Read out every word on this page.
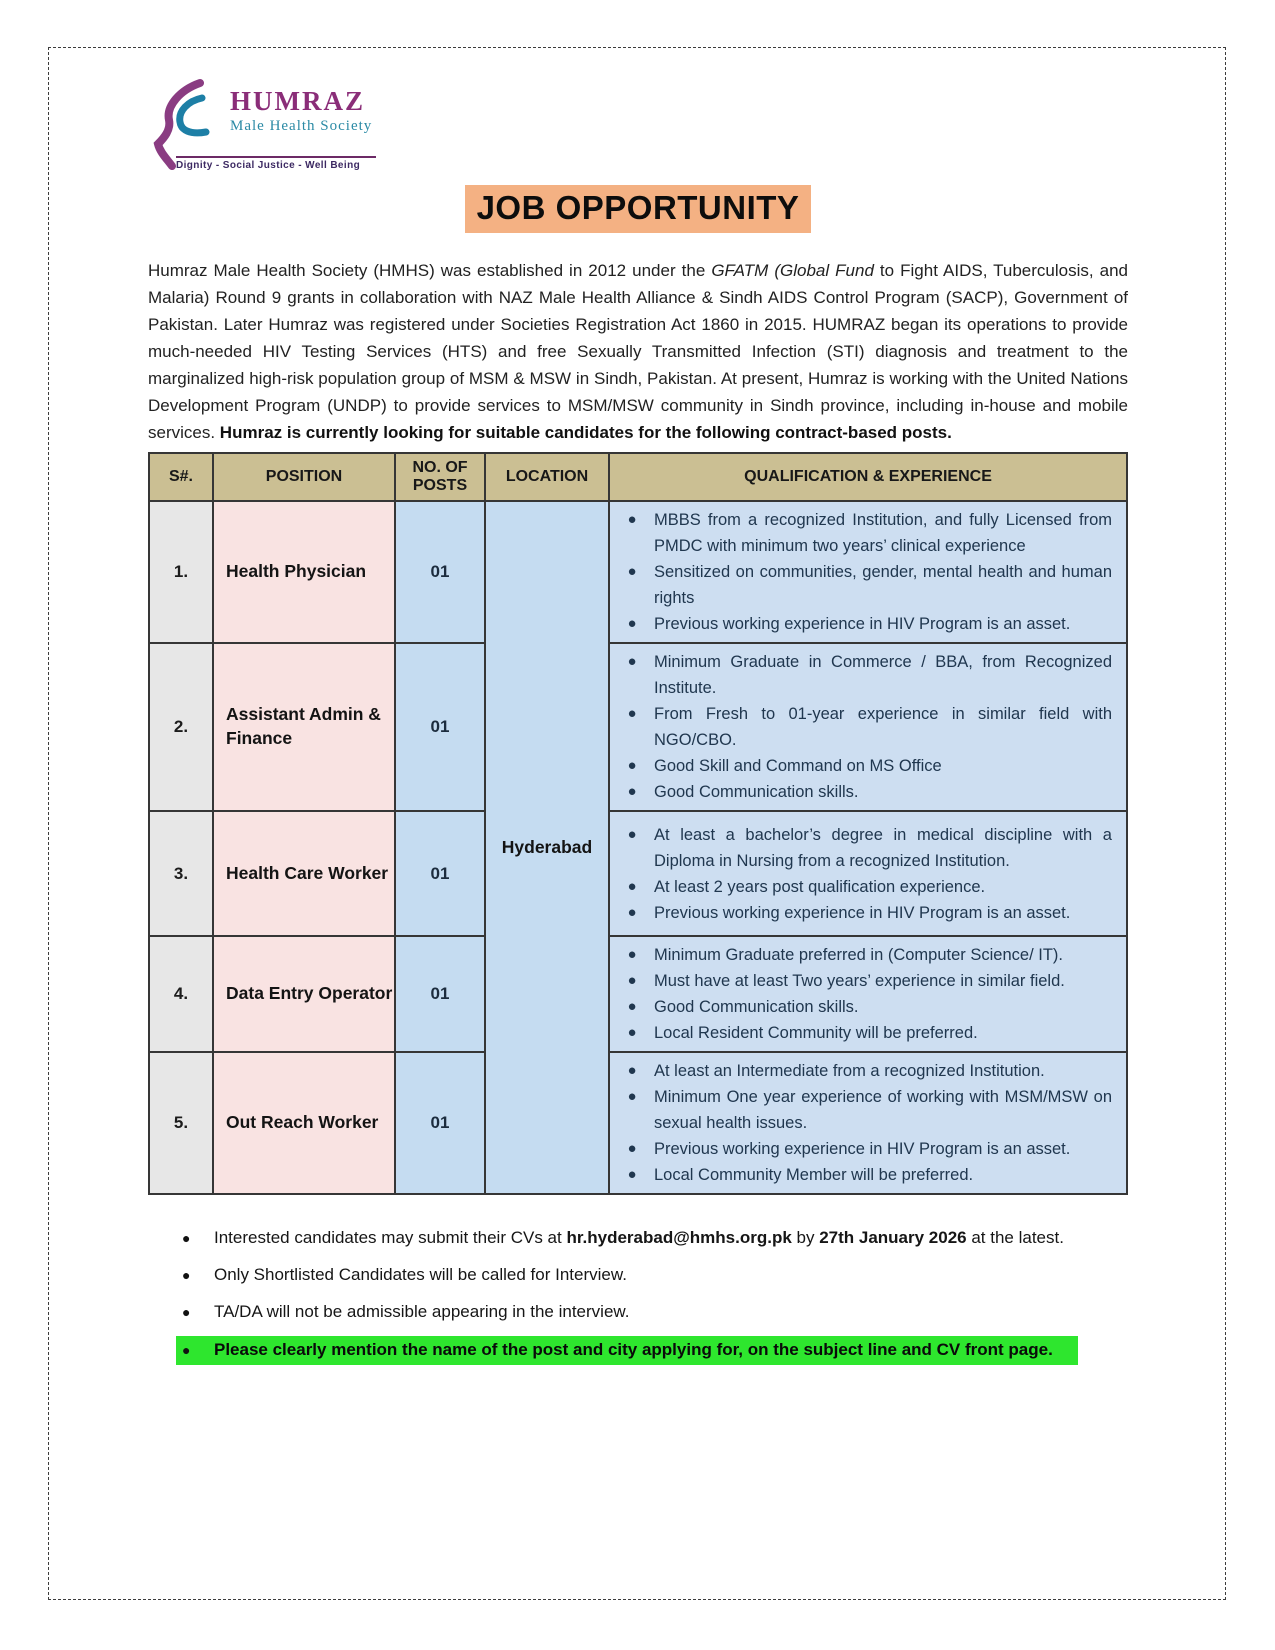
HUMRAZ
Male Health Society
Dignity - Social Justice - Well Being
JOB OPPORTUNITY

Humraz Male Health Society (HMHS) was established in 2012 under the GFATM (Global Fund to Fight AIDS, Tuberculosis, and Malaria) Round 9 grants in collaboration with NAZ Male Health Alliance & Sindh AIDS Control Program (SACP), Government of Pakistan. Later Humraz was registered under Societies Registration Act 1860 in 2015. HUMRAZ began its operations to provide much-needed HIV Testing Services (HTS) and free Sexually Transmitted Infection (STI) diagnosis and treatment to the marginalized high-risk population group of MSM & MSW in Sindh, Pakistan. At present, Humraz is working with the United Nations Development Program (UNDP) to provide services to MSM/MSW community in Sindh province, including in-house and mobile services. Humraz is currently looking for suitable candidates for the following contract-based posts.

S#.	POSITION	NO. OF POSTS	LOCATION	QUALIFICATION & EXPERIENCE
1.	Health Physician	01	Hyderabad	
●	MBBS from a recognized Institution, and fully Licensed from PMDC with minimum two years’ clinical experience
●	Sensitized on communities, gender, mental health and human rights
●	Previous working experience in HIV Program is an asset.

2.	Assistant Admin & Finance	01	
●	Minimum Graduate in Commerce / BBA, from Recognized Institute.
●	From Fresh to 01-year experience in similar field with NGO/CBO.
●	Good Skill and Command on MS Office
●	Good Communication skills.

3.	Health Care Worker	01	
●	At least a bachelor’s degree in medical discipline with a Diploma in Nursing from a recognized Institution.
●	At least 2 years post qualification experience.
●	Previous working experience in HIV Program is an asset.

4.	Data Entry Operator	01	
●	Minimum Graduate preferred in (Computer Science/ IT).
●	Must have at least Two years’ experience in similar field.
●	Good Communication skills.
●	Local Resident Community will be preferred.

5.	Out Reach Worker	01	
●	At least an Intermediate from a recognized Institution.
●	Minimum One year experience of working with MSM/MSW on sexual health issues.
●	Previous working experience in HIV Program is an asset.
●	Local Community Member will be preferred.
●	Interested candidates may submit their CVs at hr.hyderabad@hmhs.org.pk by 27th January 2026 at the latest.
●	Only Shortlisted Candidates will be called for Interview.
●	TA/DA will not be admissible appearing in the interview.
●	Please clearly mention the name of the post and city applying for, on the subject line and CV front page.
